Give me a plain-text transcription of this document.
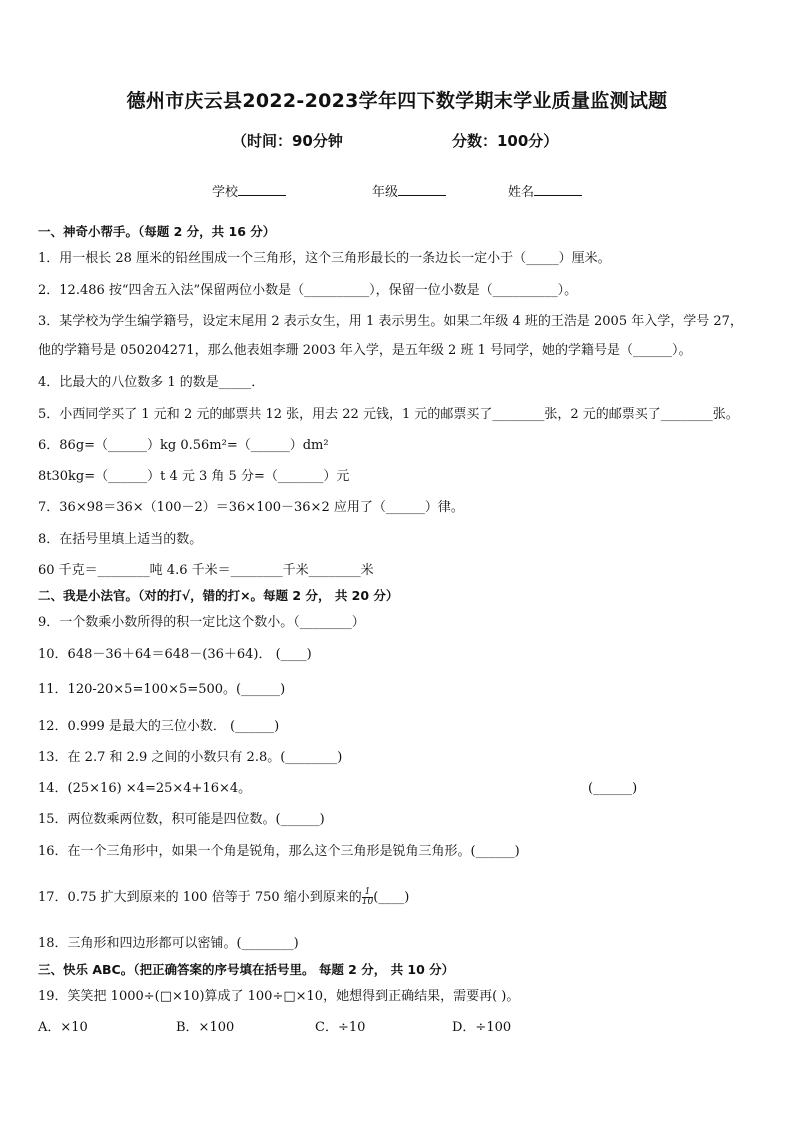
德州市庆云县2022-2023学年四下数学期末学业质量监测试题
（时间：90分钟	分数：100分）
学校	年级	姓名
一、神奇小帮手。（每题 2 分，共 16 分）
1．用一根长 28 厘米的铅丝围成一个三角形，这个三角形最长的一条边长一定小于（_____）厘米。
2．12.486 按“四舍五入法”保留两位小数是（__________），保留一位小数是（__________）。
3．某学校为学生编学籍号，设定末尾用 2 表示女生，用 1 表示男生。如果二年级 4 班的王浩是 2005 年入学，学号 27，
他的学籍号是 050204271，那么他表姐李珊 2003 年入学，是五年级 2 班 1 号同学，她的学籍号是（______）。
4．比最大的八位数多 1 的数是_____．
5．小西同学买了 1 元和 2 元的邮票共 12 张，用去 22 元钱，1 元的邮票买了________张，2 元的邮票买了________张。
6．86g=（______）kg 0.56m²=（______）dm²
8t30kg=（______）t 4 元 3 角 5 分=（_______）元
7．36×98＝36×（100－2）＝36×100－36×2 应用了（______）律。
8．在括号里填上适当的数。
60 千克＝________吨 4.6 千米＝________千米________米
二、我是小法官。（对的打√，错的打×。每题 2 分， 共 20 分）
9．一个数乘小数所得的积一定比这个数小。（________）
10．648－36＋64＝648－(36＋64)． (____)
11．120-20×5=100×5=500。(______)
12．0.999 是最大的三位小数． (______)
13．在 2.7 和 2.9 之间的小数只有 2.8。(________)
14．(25×16) ×4=25×4+16×4。	(______)
15．两位数乘两位数，积可能是四位数。(______)
16．在一个三角形中，如果一个角是锐角，那么这个三角形是锐角三角形。(______)
17．0.75 扩大到原来的 100 倍等于 750 缩小到原来的 $\frac{1}{10}$ (____)
18．三角形和四边形都可以密铺。(________)
三、快乐 ABC。（把正确答案的序号填在括号里。 每题 2 分， 共 10 分）
19．笑笑把 1000÷(□×10)算成了 100÷□×10，她想得到正确结果，需要再( )。
A．×10	B．×100	C．÷10	D．÷100
